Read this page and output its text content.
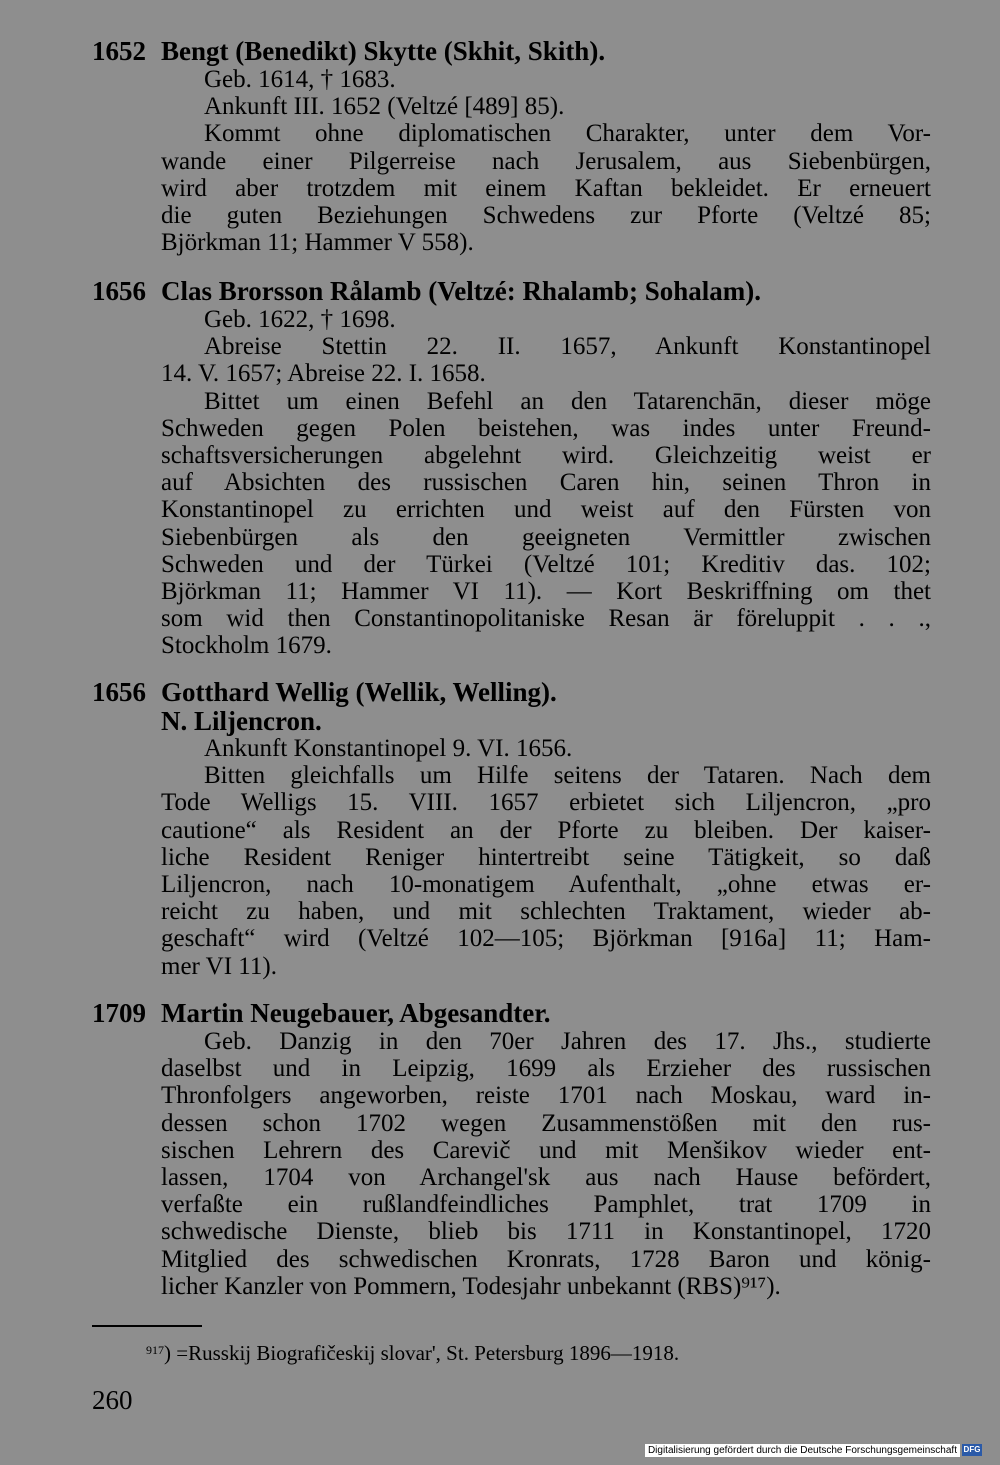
1652 Bengt (Benedikt) Skytte (Skhit, Skith).
Geb. 1614, † 1683.
Ankunft III. 1652 (Veltzé [489] 85).
Kommt ohne diplomatischen Charakter, unter dem Vor-
wande einer Pilgerreise nach Jerusalem, aus Siebenbürgen,
wird aber trotzdem mit einem Kaftan bekleidet. Er erneuert
die guten Beziehungen Schwedens zur Pforte (Veltzé 85;
Björkman 11; Hammer V 558).
1656 Clas Brorsson Rålamb (Veltzé: Rhalamb; Sohalam).
Geb. 1622, † 1698.
Abreise Stettin 22. II. 1657, Ankunft Konstantinopel
14. V. 1657; Abreise 22. I. 1658.
Bittet um einen Befehl an den Tatarenchān, dieser möge
Schweden gegen Polen beistehen, was indes unter Freund-
schaftsversicherungen abgelehnt wird. Gleichzeitig weist er
auf Absichten des russischen Caren hin, seinen Thron in
Konstantinopel zu errichten und weist auf den Fürsten von
Siebenbürgen als den geeigneten Vermittler zwischen
Schweden und der Türkei (Veltzé 101; Kreditiv das. 102;
Björkman 11; Hammer VI 11). — Kort Beskriffning om thet
som wid then Constantinopolitaniske Resan är föreluppit . . .,
Stockholm 1679.
1656 Gotthard Wellig (Wellik, Welling).
N. Liljencron.
Ankunft Konstantinopel 9. VI. 1656.
Bitten gleichfalls um Hilfe seitens der Tataren. Nach dem
Tode Welligs 15. VIII. 1657 erbietet sich Liljencron, „pro
cautione“ als Resident an der Pforte zu bleiben. Der kaiser-
liche Resident Reniger hintertreibt seine Tätigkeit, so daß
Liljencron, nach 10-monatigem Aufenthalt, „ohne etwas er-
reicht zu haben, und mit schlechten Traktament, wieder ab-
geschaft“ wird (Veltzé 102—105; Björkman [916a] 11; Ham-
mer VI 11).
1709 Martin Neugebauer, Abgesandter.
Geb. Danzig in den 70er Jahren des 17. Jhs., studierte
daselbst und in Leipzig, 1699 als Erzieher des russischen
Thronfolgers angeworben, reiste 1701 nach Moskau, ward in-
dessen schon 1702 wegen Zusammenstößen mit den rus-
sischen Lehrern des Carevič und mit Menšikov wieder ent-
lassen, 1704 von Archangel'sk aus nach Hause befördert,
verfaßte ein rußlandfeindliches Pamphlet, trat 1709 in
schwedische Dienste, blieb bis 1711 in Konstantinopel, 1720
Mitglied des schwedischen Kronrats, 1728 Baron und könig-
licher Kanzler von Pommern, Todesjahr unbekannt (RBS)⁹¹⁷).
$^{917}$) =Russkij Biografičeskij slovar', St. Petersburg 1896—1918.
260
Digitalisierung gefördert durch die Deutsche Forschungsgemeinschaft DFG
